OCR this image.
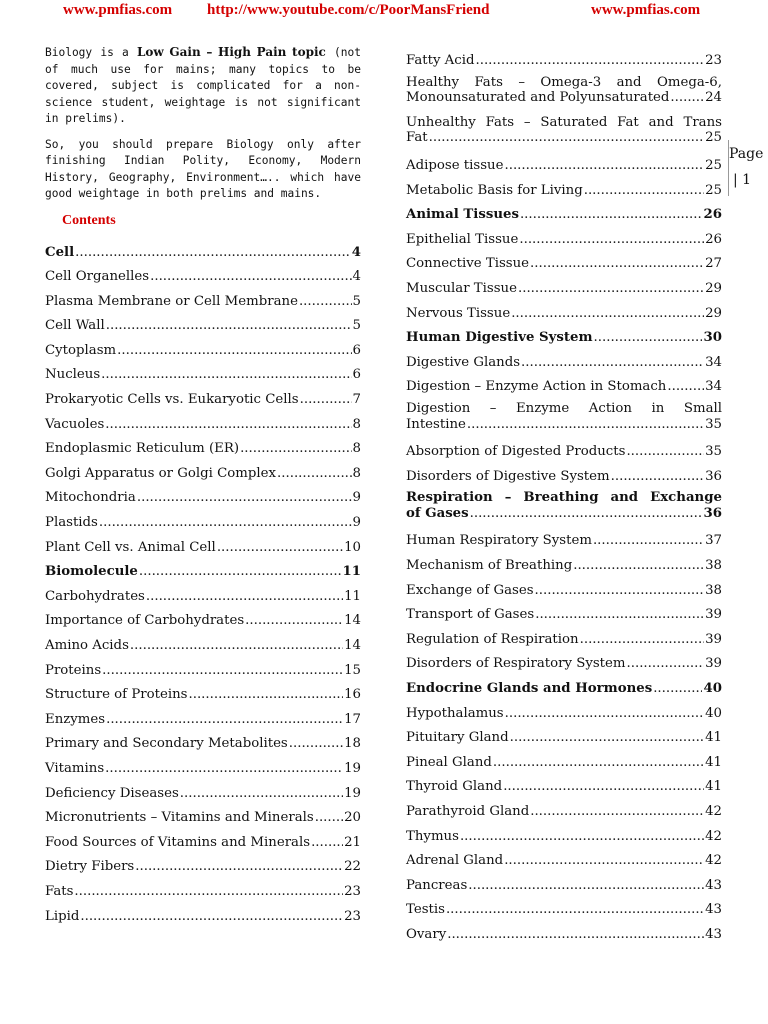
www.pmfias.com http://www.youtube.com/c/PoorMansFriend	www.pmfias.com

Biology is a Low Gain – High Pain topic (not of much use for mains; many topics to be covered, subject is complicated for a non-science student, weightage is not significant in prelims).

So, you should prepare Biology only after finishing Indian Polity, Economy, Modern History, Geography, Environment….. which have good weightage in both prelims and mains.

Contents
Cell .....	4
Cell Organelles .....	4
Plasma Membrane or Cell Membrane .....	5
Cell Wall .....	5
Cytoplasm .....	6
Nucleus .....	6
Prokaryotic Cells vs. Eukaryotic Cells .....	7
Vacuoles .....	8
Endoplasmic Reticulum (ER) .....	8
Golgi Apparatus or Golgi Complex .....	8
Mitochondria .....	9
Plastids .....	9
Plant Cell vs. Animal Cell .....	10
Biomolecule .....	11
Carbohydrates .....	11
Importance of Carbohydrates .....	14
Amino Acids .....	14
Proteins .....	15
Structure of Proteins .....	16
Enzymes .....	17
Primary and Secondary Metabolites .....	18
Vitamins .....	19
Deficiency Diseases .....	19
Micronutrients – Vitamins and Minerals ..... 20
Food Sources of Vitamins and Minerals .....	21
Dietry Fibers .....	22
Fats .....	23
Lipid .....	23
Fatty Acid .....	23
Healthy Fats – Omega-3 and Omega-6,
Monounsaturated and Polyunsaturated .....	24
Unhealthy Fats – Saturated Fat and Trans
Fat .....	25
Adipose tissue .....	25
Metabolic Basis for Living .....	25
Animal Tissues .....	26
Epithelial Tissue .....	26
Connective Tissue .....	27
Muscular Tissue .....	29
Nervous Tissue .....	29
Human Digestive System .....	30
Digestive Glands .....	34
Digestion – Enzyme Action in Stomach .....	34
Digestion – Enzyme Action in Small
Intestine .....	35
Absorption of Digested Products .....	35
Disorders of Digestive System .....	36
Respiration – Breathing and Exchange
of Gases .....	36
Human Respiratory System .....	37
Mechanism of Breathing .....	38
Exchange of Gases .....	38
Transport of Gases .....	39
Regulation of Respiration .....	39
Disorders of Respiratory System .....	39
Endocrine Glands and Hormones .....	40
Hypothalamus .....	40
Pituitary Gland .....	41
Pineal Gland .....	41
Thyroid Gland .....	41
Parathyroid Gland .....	42
Thymus .....	42
Adrenal Gland .....	42
Pancreas .....	43
Testis .....	43
Ovary .....	43
Page
| 1
